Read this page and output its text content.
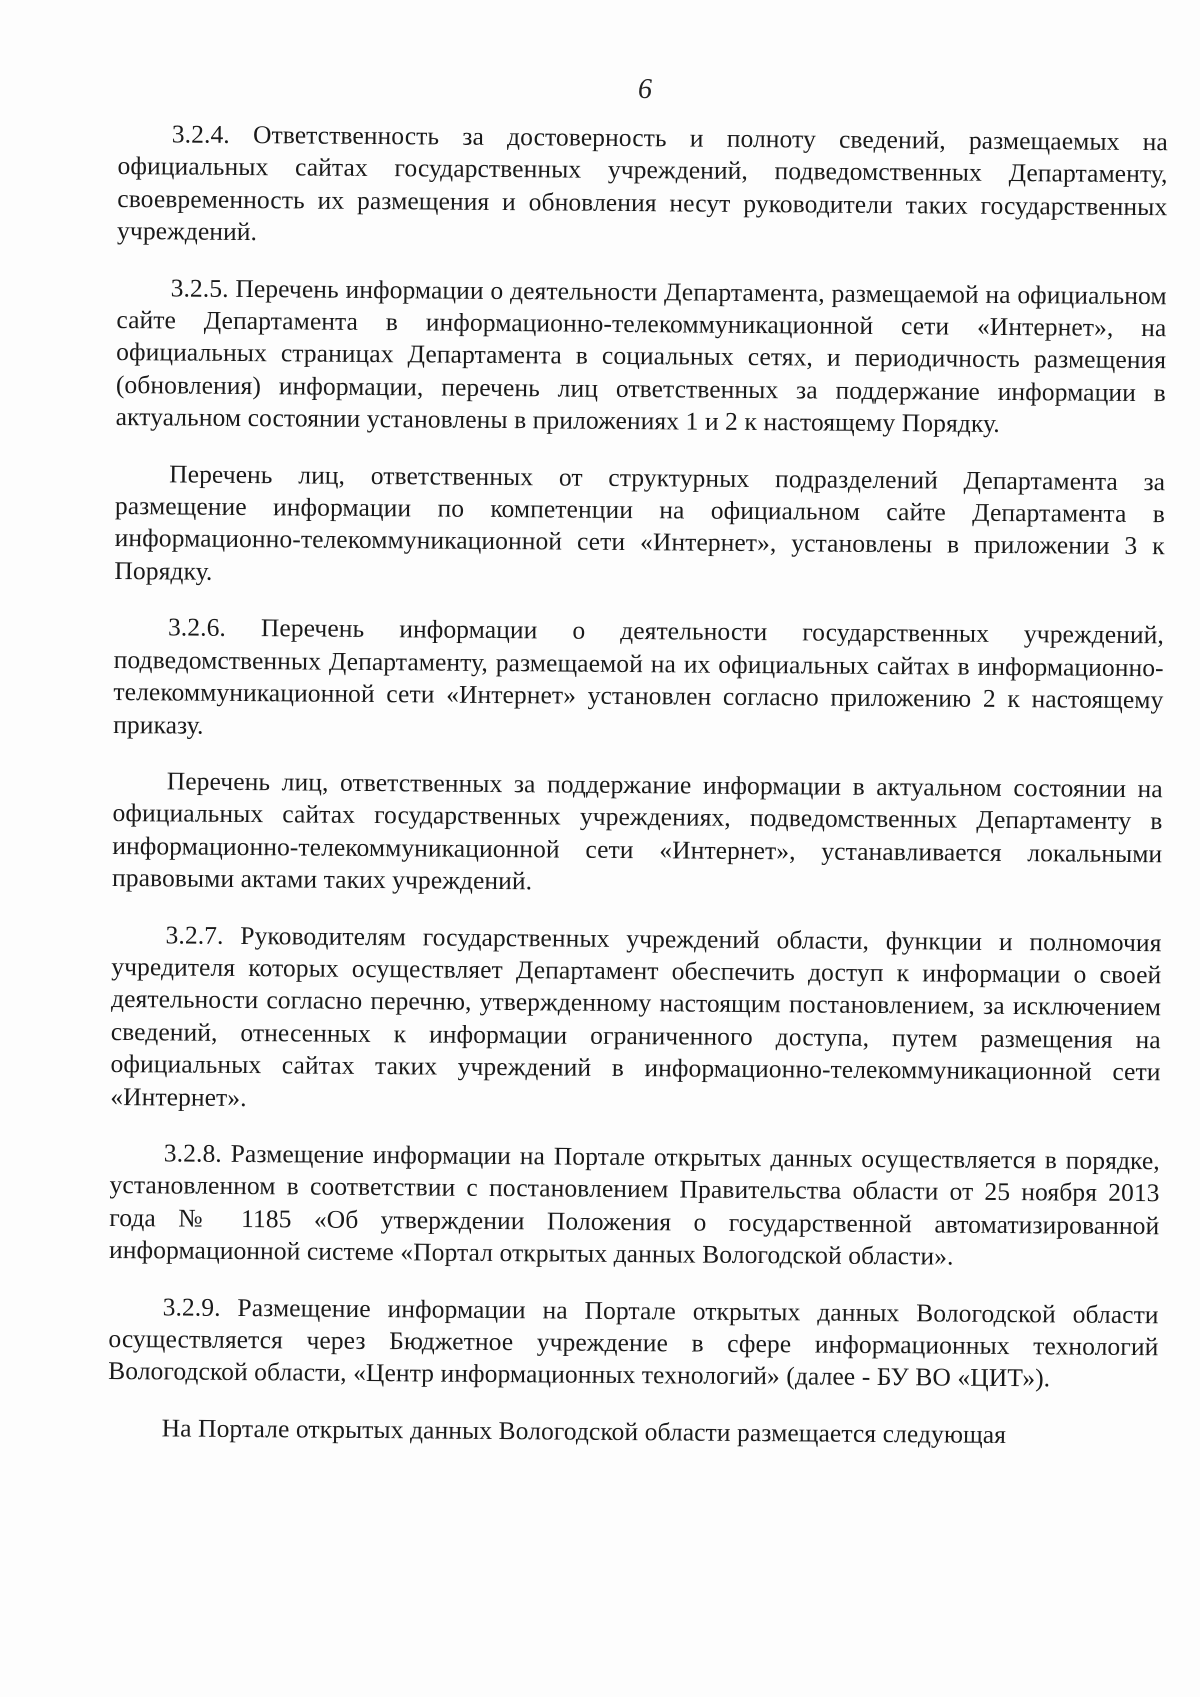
6

3.2.4. Ответственность за достоверность и полноту сведений, размещаемых на официальных сайтах государственных учреждений, подведомственных Департаменту, своевременность их размещения и обновления несут руководители таких государственных учреждений.

3.2.5. Перечень информации о деятельности Департамента, размещаемой на официальном сайте Департамента в информационно-телекоммуникационной сети «Интернет», на официальных страницах Департамента в социальных сетях, и периодичность размещения (обновления) информации, перечень лиц ответственных за поддержание информации в актуальном состоянии установлены в приложениях 1 и 2 к настоящему Порядку.

Перечень лиц, ответственных от структурных подразделений Департамента за размещение информации по компетенции на официальном сайте Департамента в информационно-телекоммуникационной сети «Интернет», установлены в приложении 3 к Порядку.

3.2.6. Перечень информации о деятельности государственных учреждений, подведомственных Департаменту, размещаемой на их официальных сайтах в информационно-телекоммуникационной сети «Интернет» установлен согласно приложению 2 к настоящему приказу.

Перечень лиц, ответственных за поддержание информации в актуальном состоянии на официальных сайтах государственных учреждениях, подведомственных Департаменту в информационно-телекоммуникационной сети «Интернет», устанавливается локальными правовыми актами таких учреждений.

3.2.7. Руководителям государственных учреждений области, функции и полномочия учредителя которых осуществляет Департамент обеспечить доступ к информации о своей деятельности согласно перечню, утвержденному настоящим постановлением, за исключением сведений, отнесенных к информации ограниченного доступа, путем размещения на официальных сайтах таких учреждений в информационно-телекоммуникационной сети «Интернет».

3.2.8. Размещение информации на Портале открытых данных осуществляется в порядке, установленном в соответствии с постановлением Правительства области от 25 ноября 2013 года № 1185 «Об утверждении Положения о государственной автоматизированной информационной системе «Портал открытых данных Вологодской области».

3.2.9. Размещение информации на Портале открытых данных Вологодской области осуществляется через Бюджетное учреждение в сфере информационных технологий Вологодской области, «Центр информационных технологий» (далее - БУ ВО «ЦИТ»).

На Портале открытых данных Вологодской области размещается следующая
